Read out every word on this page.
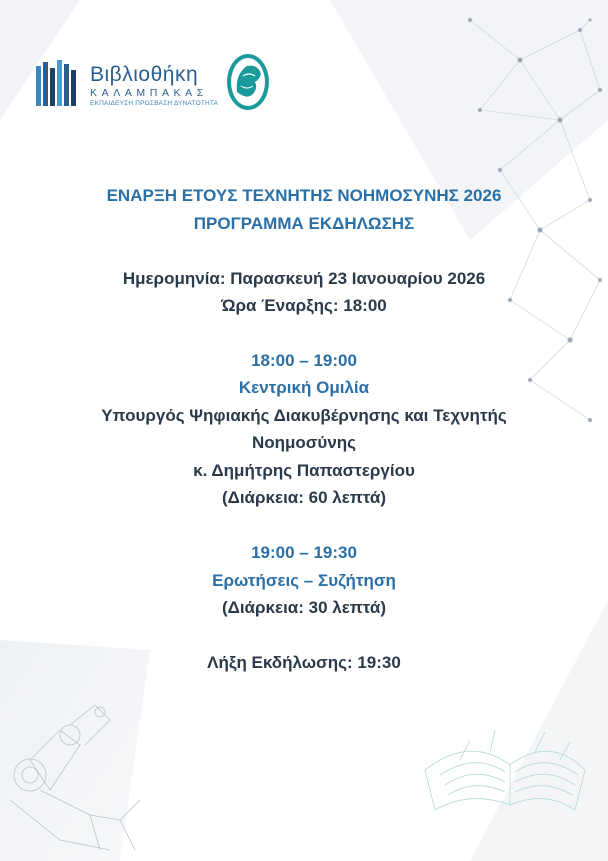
Βιβλιοθήκη
ΚΑΛΑΜΠΑΚΑΣ
ΕΚΠΑΙΔΕΥΣΗ ΠΡΟΣΒΑΣΗ ΔΥΝΑΤΟΤΗΤΑ
ΕΝΑΡΞΗ ΕΤΟΥΣ ΤΕΧΝΗΤΗΣ ΝΟΗΜΟΣΥΝΗΣ 2026
ΠΡΟΓΡΑΜΜΑ ΕΚΔΗΛΩΣΗΣ
Ημερομηνία: Παρασκευή 23 Ιανουαρίου 2026
Ώρα Έναρξης: 18:00
18:00 – 19:00
Κεντρική Ομιλία
Υπουργός Ψηφιακής Διακυβέρνησης και Τεχνητής
Νοημοσύνης
κ. Δημήτρης Παπαστεργίου
(Διάρκεια: 60 λεπτά)
19:00 – 19:30
Ερωτήσεις – Συζήτηση
(Διάρκεια: 30 λεπτά)
Λήξη Εκδήλωσης: 19:30
